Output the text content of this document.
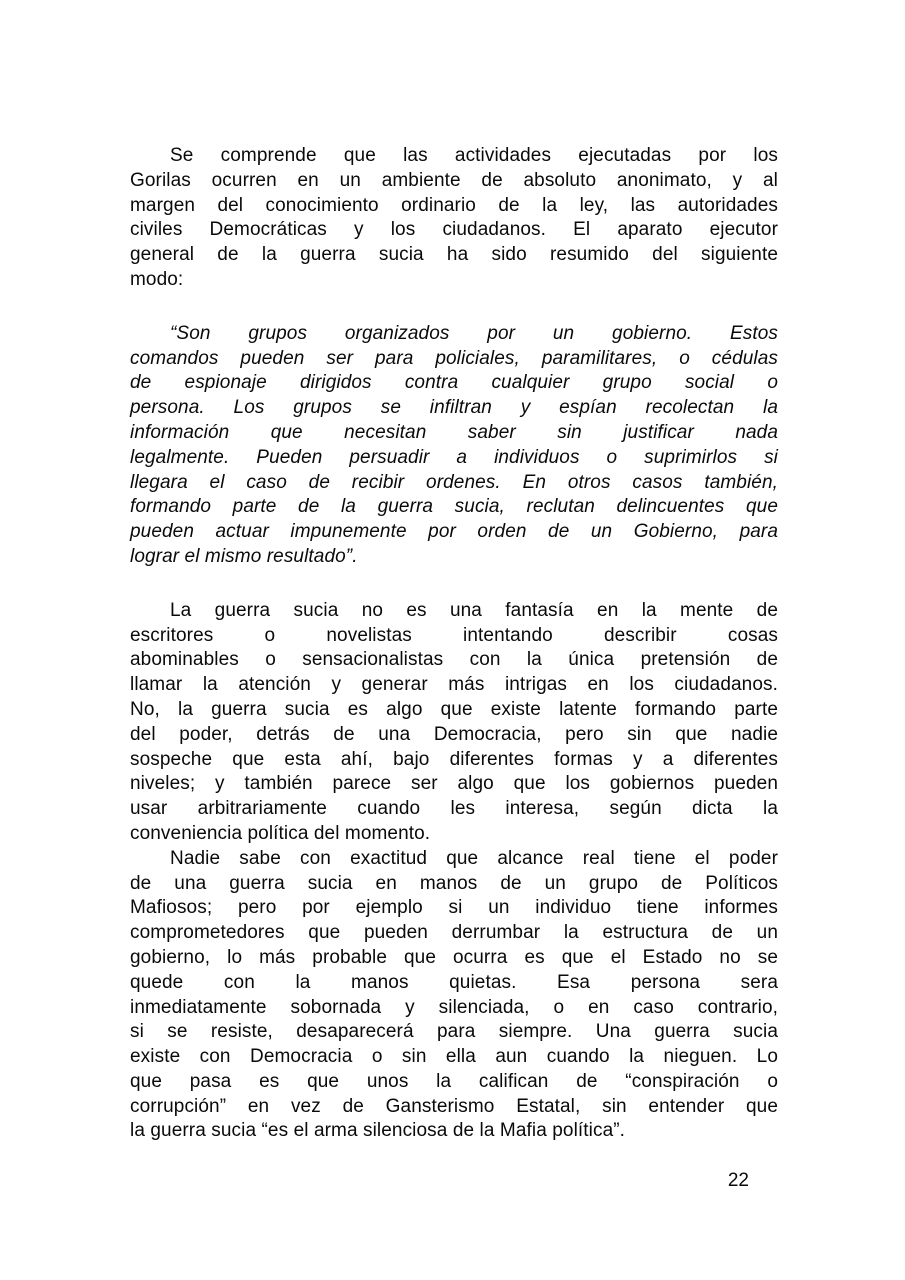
Se comprende que las actividades ejecutadas por los
Gorilas ocurren en un ambiente de absoluto anonimato, y al
margen del conocimiento ordinario de la ley, las autoridades
civiles Democráticas y los ciudadanos. El aparato ejecutor
general de la guerra sucia ha sido resumido del siguiente
modo:
“Son grupos organizados por un gobierno. Estos
comandos pueden ser para policiales, paramilitares, o cédulas
de espionaje dirigidos contra cualquier grupo social o
persona. Los grupos se infiltran y espían recolectan la
información que necesitan saber sin justificar nada
legalmente. Pueden persuadir a individuos o suprimirlos si
llegara el caso de recibir ordenes. En otros casos también,
formando parte de la guerra sucia, reclutan delincuentes que
pueden actuar impunemente por orden de un Gobierno, para
lograr el mismo resultado”.
La guerra sucia no es una fantasía en la mente de
escritores o novelistas intentando describir cosas
abominables o sensacionalistas con la única pretensión de
llamar la atención y generar más intrigas en los ciudadanos.
No, la guerra sucia es algo que existe latente formando parte
del poder, detrás de una Democracia, pero sin que nadie
sospeche que esta ahí, bajo diferentes formas y a diferentes
niveles; y también parece ser algo que los gobiernos pueden
usar arbitrariamente cuando les interesa, según dicta la
conveniencia política del momento.
Nadie sabe con exactitud que alcance real tiene el poder
de una guerra sucia en manos de un grupo de Políticos
Mafiosos; pero por ejemplo si un individuo tiene informes
comprometedores que pueden derrumbar la estructura de un
gobierno, lo más probable que ocurra es que el Estado no se
quede con la manos quietas. Esa persona sera
inmediatamente sobornada y silenciada, o en caso contrario,
si se resiste, desaparecerá para siempre. Una guerra sucia
existe con Democracia o sin ella aun cuando la nieguen. Lo
que pasa es que unos la califican de “conspiración o
corrupción” en vez de Gansterismo Estatal, sin entender que
la guerra sucia “es el arma silenciosa de la Mafia política”.
22
